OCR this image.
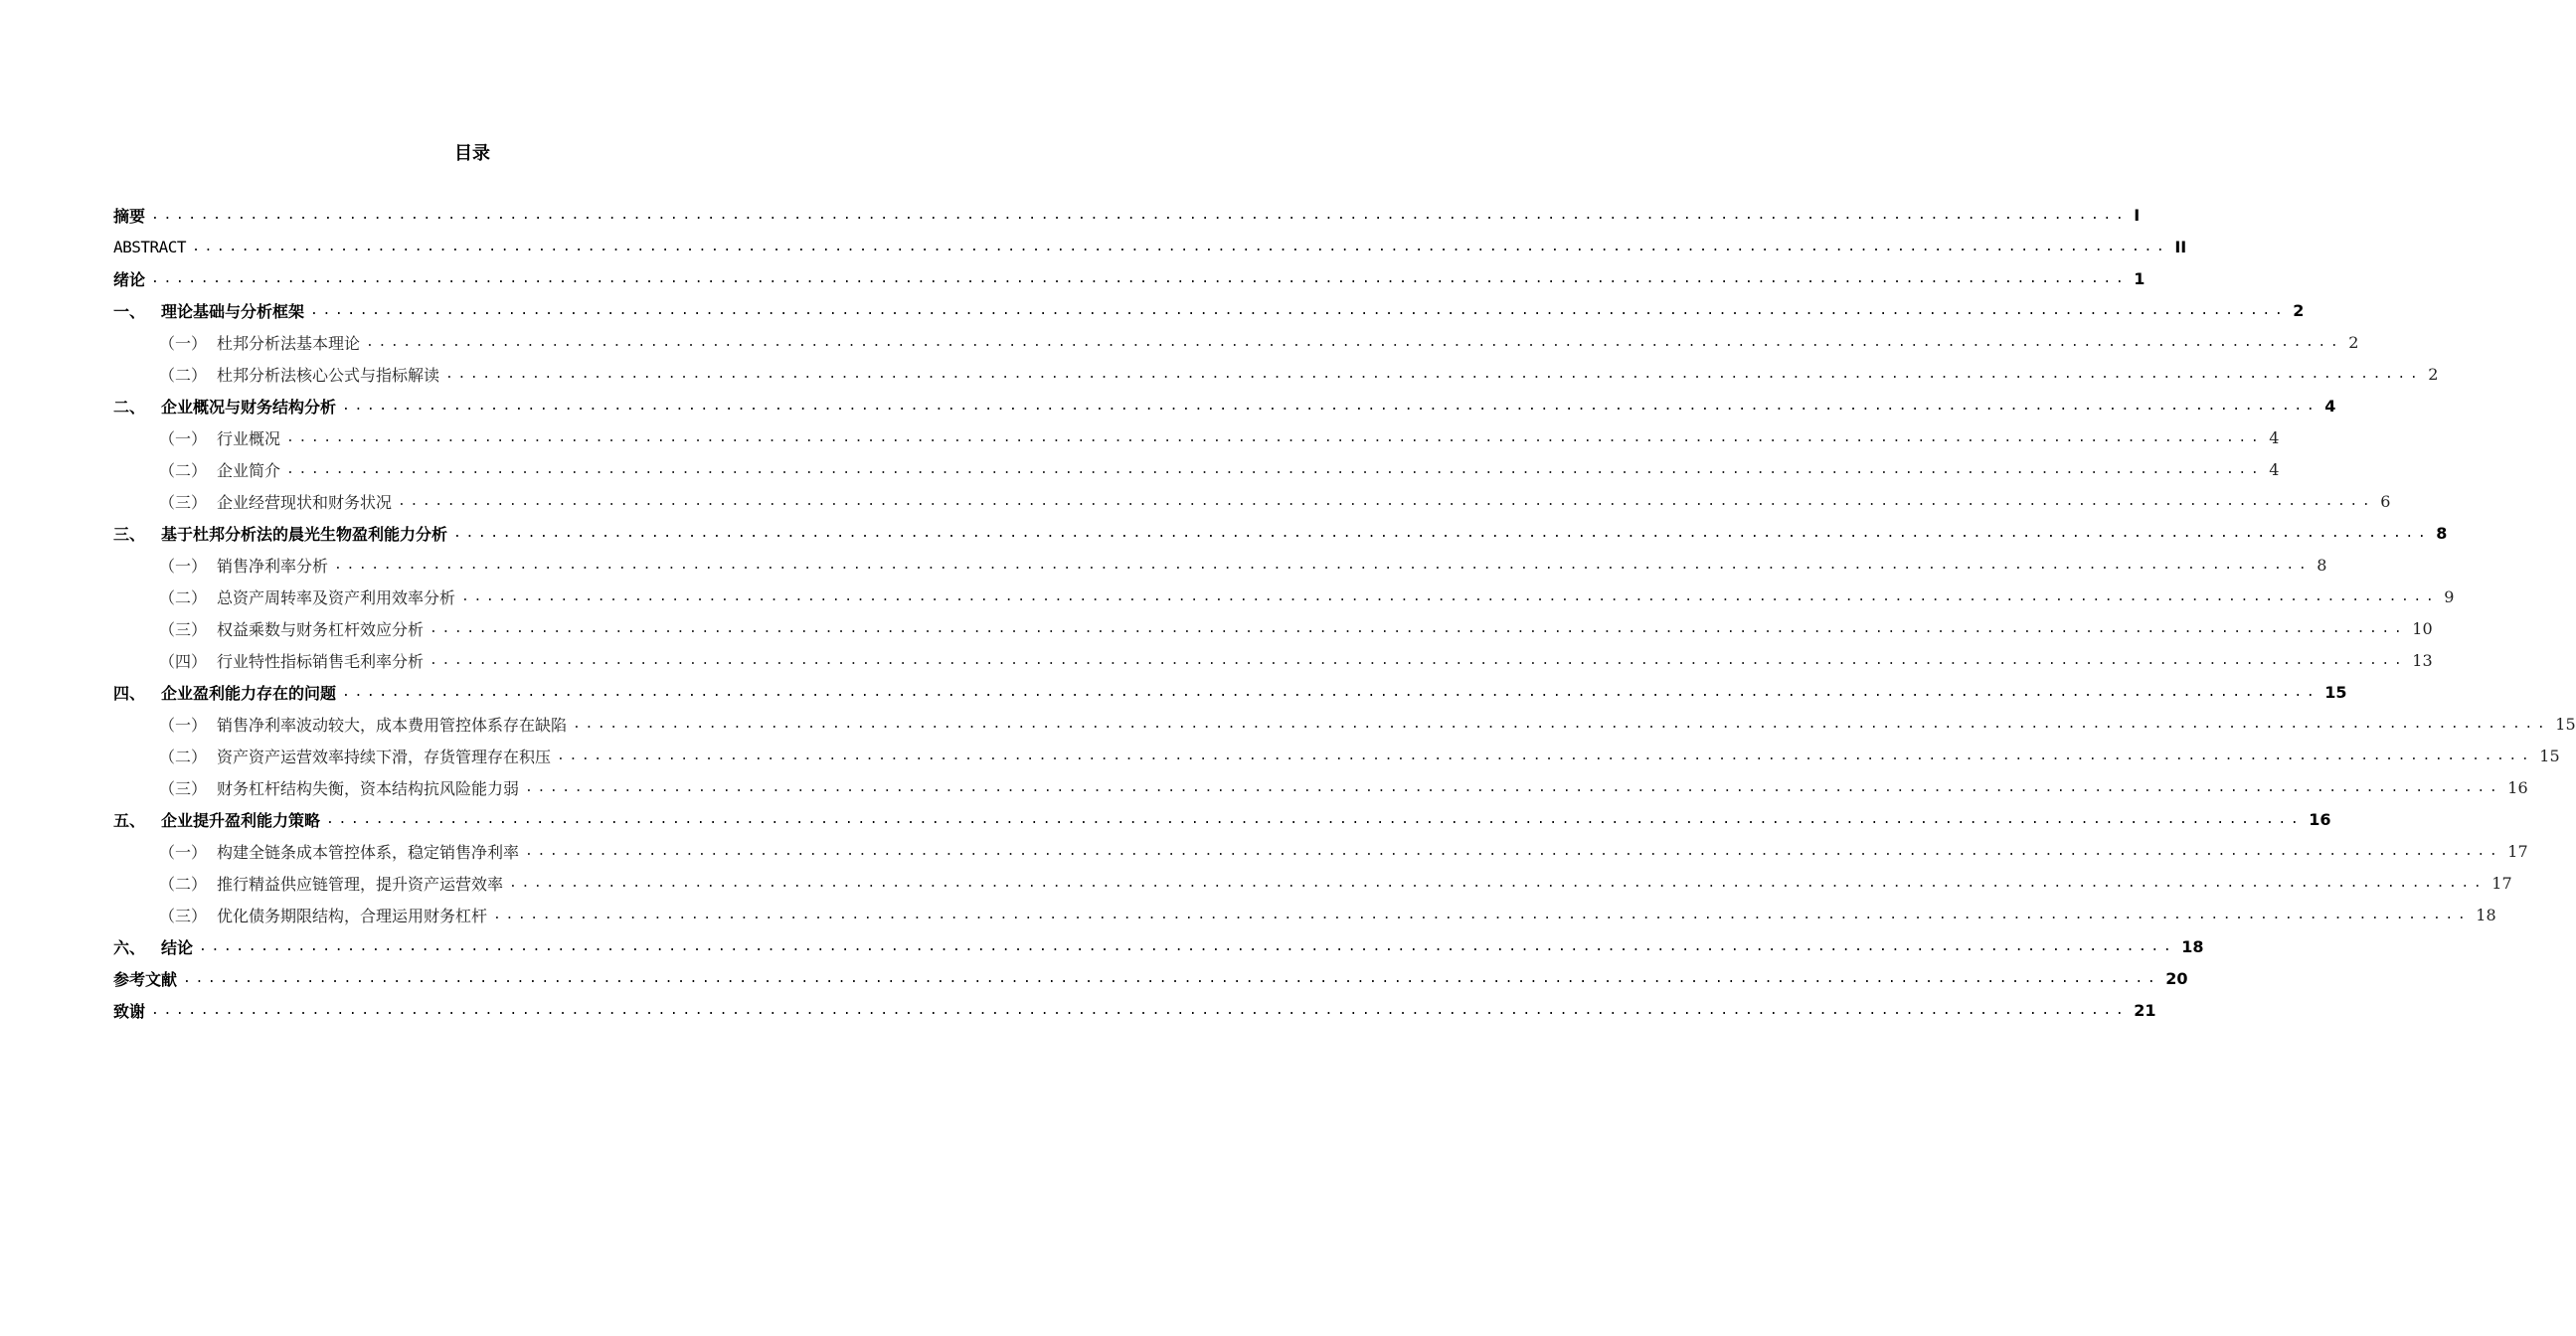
目录
摘要 ................................................................................................................................................................ I
ABSTRACT ................................................................................................................................................................ II
绪论 ................................................................................................................................................................ 1
一、 理论基础与分析框架 ................................................................................................................................................................ 2
（一） 杜邦分析法基本理论 ................................................................................................................................................................ 2
（二） 杜邦分析法核心公式与指标解读 ................................................................................................................................................................ 2
二、 企业概况与财务结构分析 ................................................................................................................................................................ 4
（一） 行业概况 ................................................................................................................................................................ 4
（二） 企业简介 ................................................................................................................................................................ 4
（三） 企业经营现状和财务状况 ................................................................................................................................................................ 6
三、 基于杜邦分析法的晨光生物盈利能力分析 ................................................................................................................................................................ 8
（一） 销售净利率分析 ................................................................................................................................................................ 8
（二） 总资产周转率及资产利用效率分析 ................................................................................................................................................................ 9
（三） 权益乘数与财务杠杆效应分析 ................................................................................................................................................................ 10
（四） 行业特性指标销售毛利率分析 ................................................................................................................................................................ 13
四、 企业盈利能力存在的问题 ................................................................................................................................................................ 15
（一） 销售净利率波动较大，成本费用管控体系存在缺陷 ................................................................................................................................................................ 15
（二） 资产资产运营效率持续下滑，存货管理存在积压 ................................................................................................................................................................ 15
（三） 财务杠杆结构失衡，资本结构抗风险能力弱 ................................................................................................................................................................ 16
五、 企业提升盈利能力策略 ................................................................................................................................................................ 16
（一） 构建全链条成本管控体系，稳定销售净利率 ................................................................................................................................................................ 17
（二） 推行精益供应链管理，提升资产运营效率 ................................................................................................................................................................ 17
（三） 优化债务期限结构，合理运用财务杠杆 ................................................................................................................................................................ 18
六、 结论 ................................................................................................................................................................ 18
参考文献 ................................................................................................................................................................ 20
致谢 ................................................................................................................................................................ 21
